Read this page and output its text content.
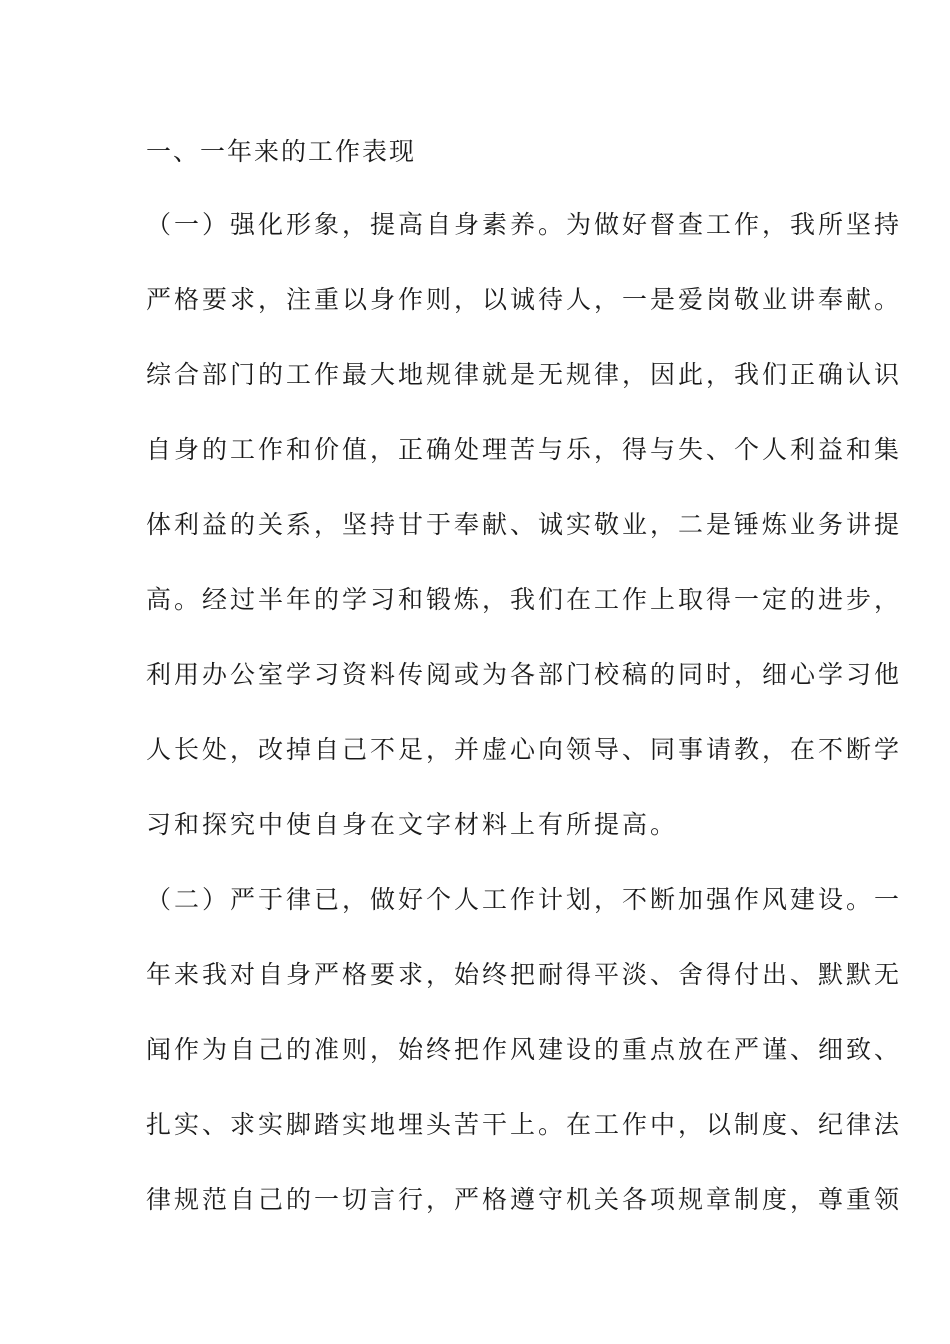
一、一年来的工作表现
（一）强化形象，提高自身素养。为做好督查工作，我所坚持
严格要求，注重以身作则，以诚待人，一是爱岗敬业讲奉献。
综合部门的工作最大地规律就是无规律，因此，我们正确认识
自身的工作和价值，正确处理苦与乐，得与失、个人利益和集
体利益的关系，坚持甘于奉献、诚实敬业，二是锤炼业务讲提
高。经过半年的学习和锻炼，我们在工作上取得一定的进步，
利用办公室学习资料传阅或为各部门校稿的同时，细心学习他
人长处，改掉自己不足，并虚心向领导、同事请教，在不断学
习和探究中使自身在文字材料上有所提高。
（二）严于律已，做好个人工作计划，不断加强作风建设。一
年来我对自身严格要求，始终把耐得平淡、舍得付出、默默无
闻作为自己的准则，始终把作风建设的重点放在严谨、细致、
扎实、求实脚踏实地埋头苦干上。在工作中，以制度、纪律法
律规范自己的一切言行，严格遵守机关各项规章制度，尊重领
